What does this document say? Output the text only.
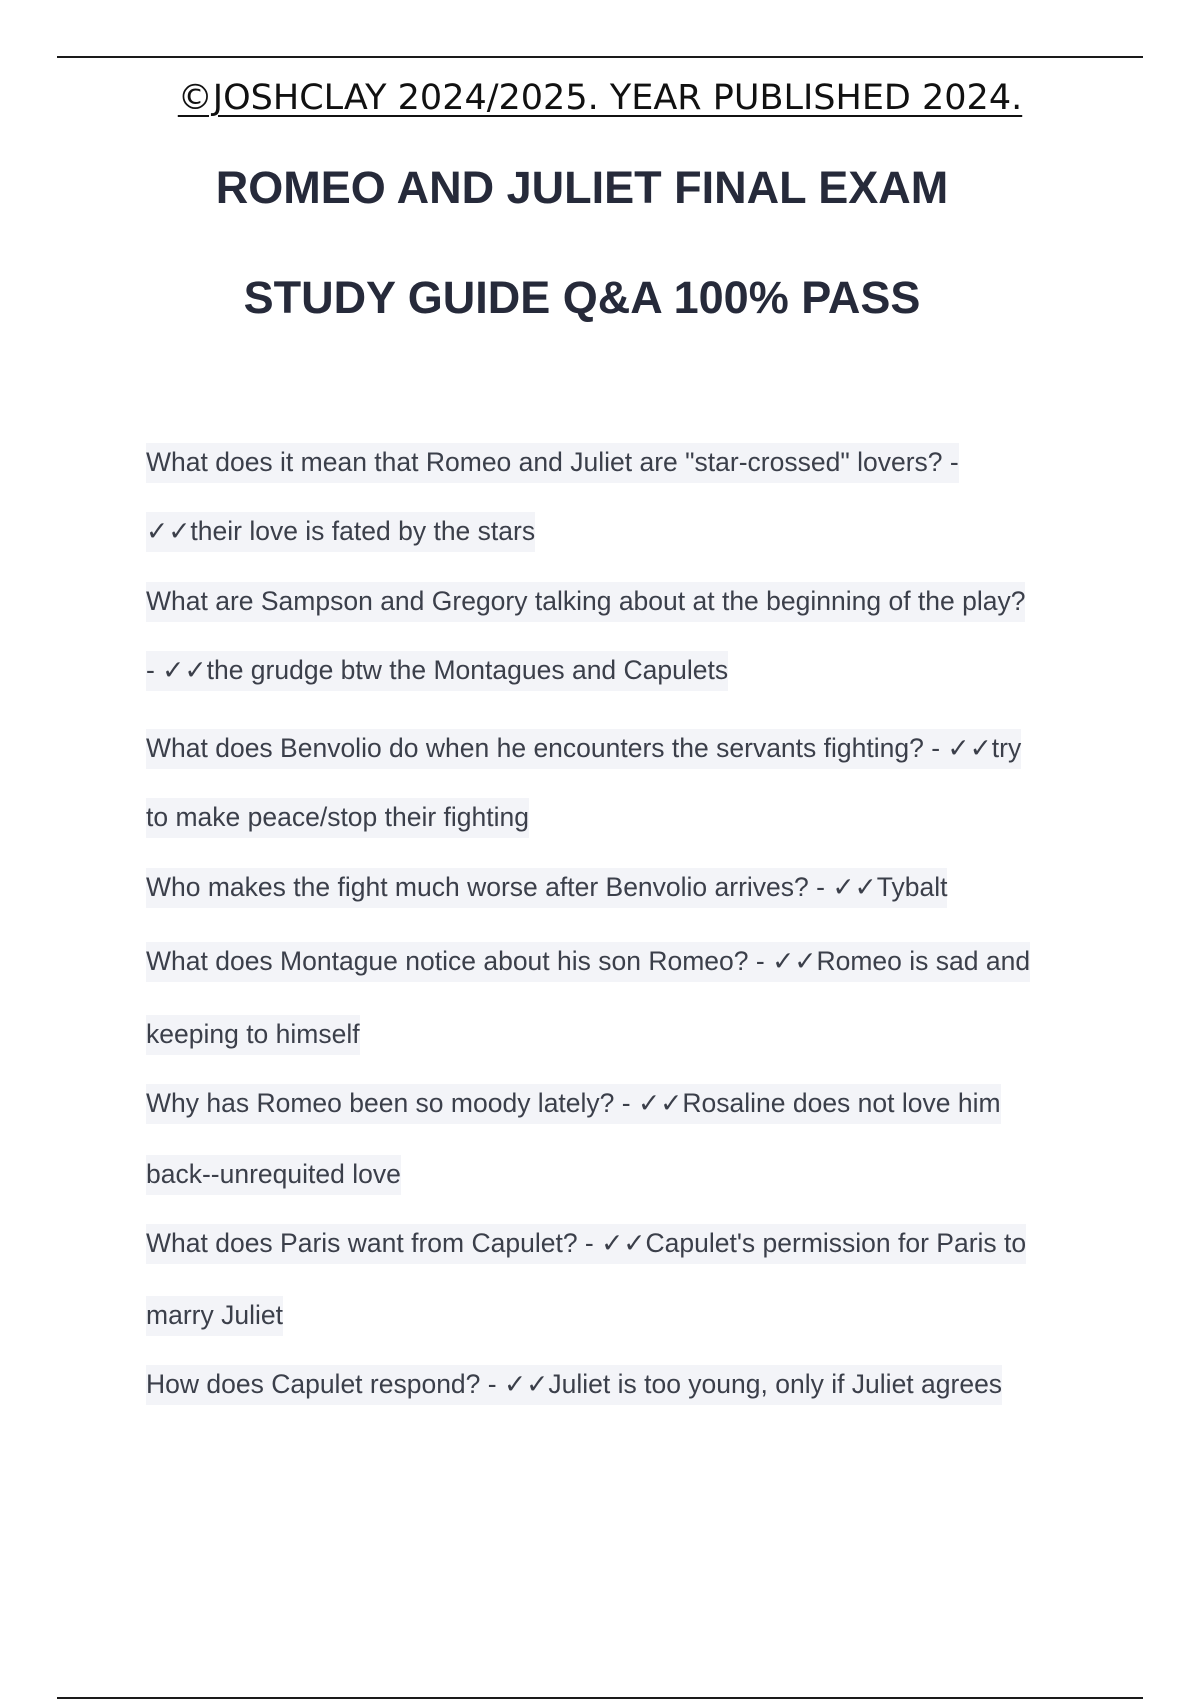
©JOSHCLAY 2024/2025. YEAR PUBLISHED 2024.
ROMEO AND JULIET FINAL EXAM
STUDY GUIDE Q&A 100% PASS
What does it mean that Romeo and Juliet are "star-crossed" lovers? -
✓✓their love is fated by the stars
What are Sampson and Gregory talking about at the beginning of the play?
- ✓✓the grudge btw the Montagues and Capulets
What does Benvolio do when he encounters the servants fighting? - ✓✓try
to make peace/stop their fighting
Who makes the fight much worse after Benvolio arrives? - ✓✓Tybalt
What does Montague notice about his son Romeo? - ✓✓Romeo is sad and
keeping to himself
Why has Romeo been so moody lately? - ✓✓Rosaline does not love him
back--unrequited love
What does Paris want from Capulet? - ✓✓Capulet's permission for Paris to
marry Juliet
How does Capulet respond? - ✓✓Juliet is too young, only if Juliet agrees
